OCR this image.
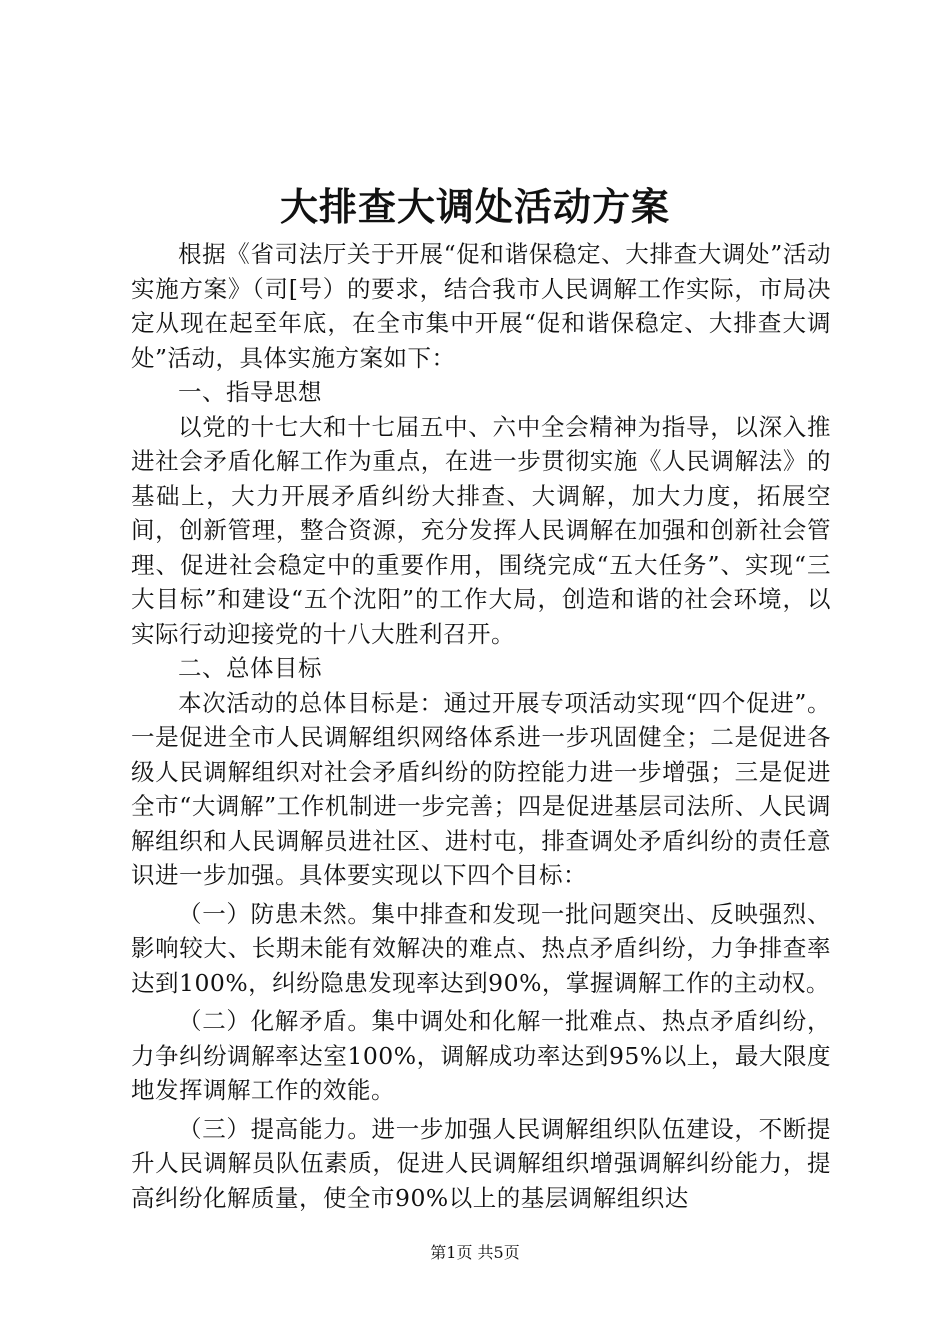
大排查大调处活动方案

根据《省司法厅关于开展“促和谐保稳定、大排查大调处”活动实施方案》（司[号）的要求，结合我市人民调解工作实际，市局决定从现在起至年底，在全市集中开展“促和谐保稳定、大排查大调处”活动，具体实施方案如下：

一、指导思想

以党的十七大和十七届五中、六中全会精神为指导，以深入推进社会矛盾化解工作为重点，在进一步贯彻实施《人民调解法》的基础上，大力开展矛盾纠纷大排查、大调解，加大力度，拓展空间，创新管理，整合资源，充分发挥人民调解在加强和创新社会管理、促进社会稳定中的重要作用，围绕完成“五大任务”、实现“三大目标”和建设“五个沈阳”的工作大局，创造和谐的社会环境，以实际行动迎接党的十八大胜利召开。

二、总体目标

本次活动的总体目标是：通过开展专项活动实现“四个促进”。一是促进全市人民调解组织网络体系进一步巩固健全；二是促进各级人民调解组织对社会矛盾纠纷的防控能力进一步增强；三是促进全市“大调解”工作机制进一步完善；四是促进基层司法所、人民调解组织和人民调解员进社区、进村屯，排查调处矛盾纠纷的责任意识进一步加强。具体要实现以下四个目标：

（一）防患未然。集中排查和发现一批问题突出、反映强烈、影响较大、长期未能有效解决的难点、热点矛盾纠纷，力争排查率达到100%，纠纷隐患发现率达到90%，掌握调解工作的主动权。

（二）化解矛盾。集中调处和化解一批难点、热点矛盾纠纷，力争纠纷调解率达室100%，调解成功率达到95%以上，最大限度地发挥调解工作的效能。

（三）提高能力。进一步加强人民调解组织队伍建设，不断提升人民调解员队伍素质，促进人民调解组织增强调解纠纷能力，提高纠纷化解质量，使全市90%以上的基层调解组织达

第1页 共5页
